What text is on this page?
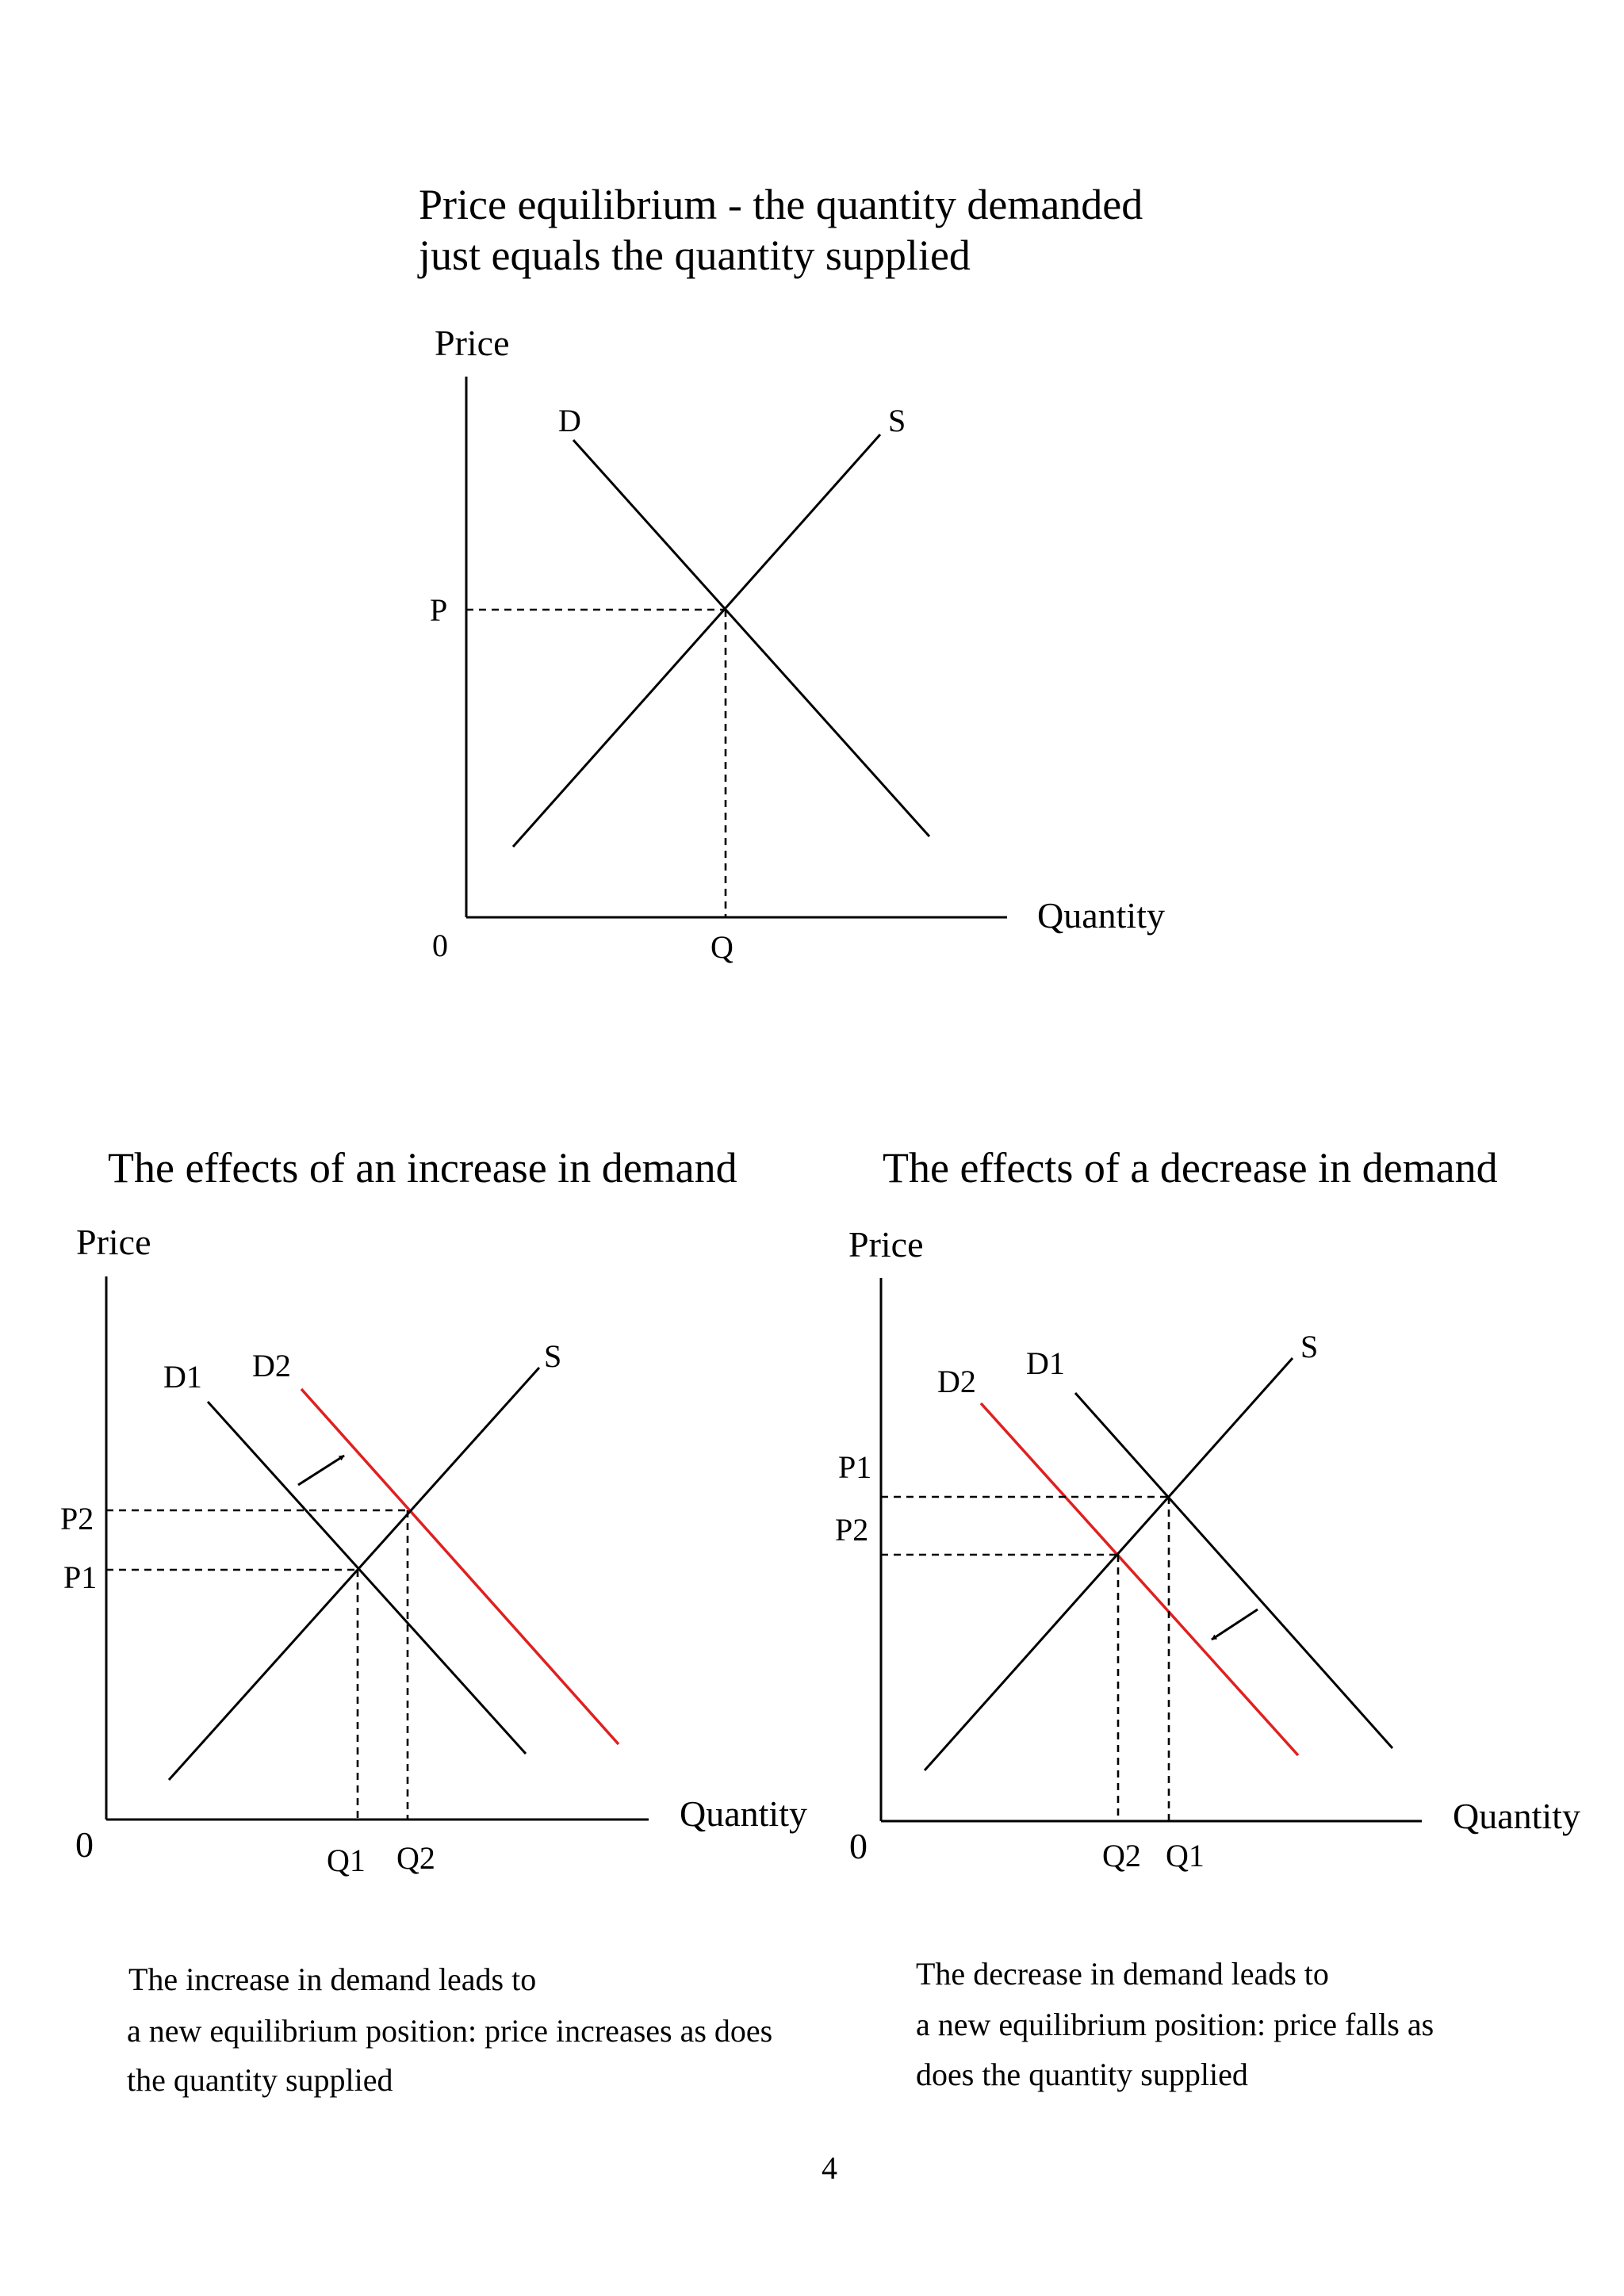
Price equilibrium - the quantity demanded
just equals the quantity supplied
Price
Quantity
0
D	S
P
Q
The effects of an increase in demand
Price
Quantity
0
D1 D2	S
P2
P1
Q1 Q2
The increase in demand leads to
a new equilibrium position: price increases as does
the quantity supplied
The effects of a decrease in demand
Price
Quantity
0
D2
D1	S
P1
P2
Q2 Q1
The decrease in demand leads to
a new equilibrium position: price falls as
does the quantity supplied
4
